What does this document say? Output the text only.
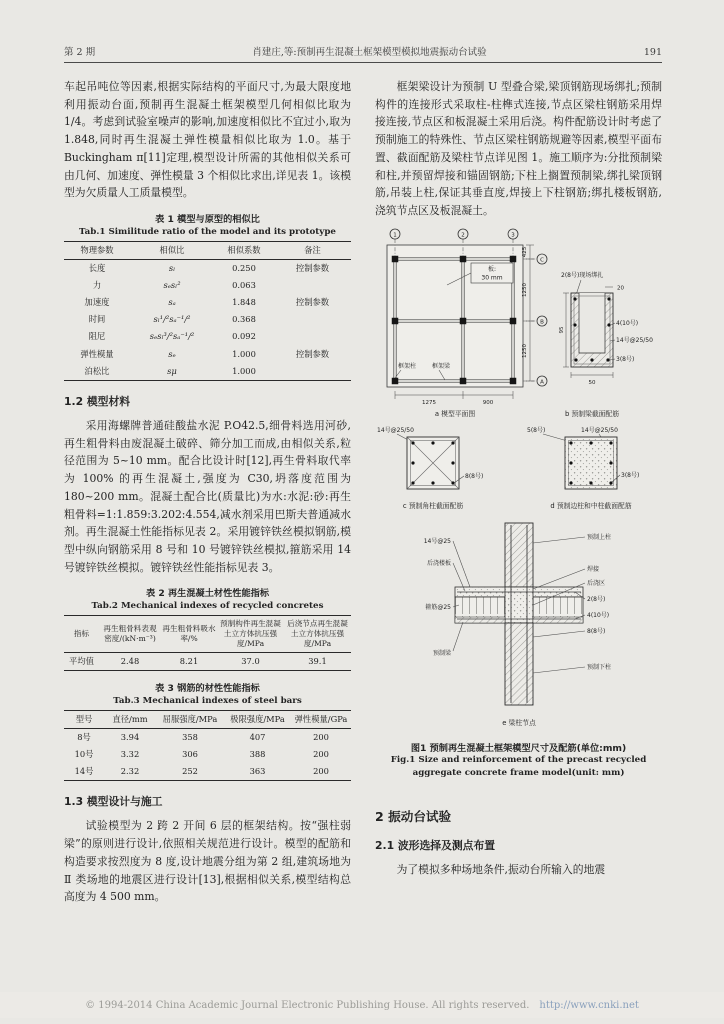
第 2 期	肖建庄,等:预制再生混凝土框架模型模拟地震振动台试验	191

车起吊吨位等因素,根据实际结构的平面尺寸,为最大限度地利用振动台面,预制再生混凝土框架模型几何相似比取为 1/4。考虑到试验室噪声的影响,加速度相似比不宜过小,取为 1.848,同时再生混凝土弹性模量相似比取为 1.0。基于 Buckingham π[11]定理,模型设计所需的其他相似关系可由几何、加速度、弹性模量 3 个相似比求出,详见表 1。该模型为欠质量人工质量模型。

表 1 模型与原型的相似比
Tab.1 Similitude ratio of the model and its prototype
物理参数	相似比	相似系数	备注
长度	sₗ	0.250	控制参数
力	sₑsₗ²	0.063	
加速度	sₐ	1.848	控制参数
时间	sₗ¹/²sₐ⁻¹/²	0.368	
阻尼	sₑsₗ³/²sₐ⁻¹/²	0.092	
弹性模量	sₑ	1.000	控制参数
泊松比	sμ	1.000	
1.2 模型材料

采用海螺牌普通硅酸盐水泥 P.O42.5,细骨料选用河砂,再生粗骨料由废混凝土破碎、筛分加工而成,由相似关系,粒径范围为 5~10 mm。配合比设计时[12],再生骨料取代率为 100% 的再生混凝土,强度为 C30,坍落度范围为 180~200 mm。混凝土配合比(质量比)为水:水泥:砂:再生粗骨料=1:1.859:3.202:4.554,减水剂采用巴斯夫普通减水剂。再生混凝土性能指标见表 2。采用镀锌铁丝模拟钢筋,模型中纵向钢筋采用 8 号和 10 号镀锌铁丝模拟,箍筋采用 14 号镀锌铁丝模拟。镀锌铁丝性能指标见表 3。

表 2 再生混凝土材性性能指标
Tab.2 Mechanical indexes of recycled concretes
指标	再生粗骨料表观密度/(kN·m⁻³)	再生粗骨料吸水率/%	预制构件再生混凝土立方体抗压强度/MPa	后浇节点再生混凝土立方体抗压强度/MPa
平均值	2.48	8.21	37.0	39.1
表 3 钢筋的材性性能指标
Tab.3 Mechanical indexes of steel bars
型号	直径/mm	屈服强度/MPa	极限强度/MPa	弹性模量/GPa
8号	3.94	358	407	200
10号	3.32	306	388	200
14号	2.32	252	363	200
1.3 模型设计与施工

试验模型为 2 跨 2 开间 6 层的框架结构。按“强柱弱梁”的原则进行设计,依照相关规范进行设计。模型的配筋和构造要求按烈度为 8 度,设计地震分组为第 2 组,建筑场地为 Ⅱ 类场地的地震区进行设计[13],根据相似关系,模型结构总高度为 4 500 mm。

框架梁设计为预制 U 型叠合梁,梁顶钢筋现场绑扎;预制构件的连接形式采取柱-柱榫式连接,节点区梁柱钢筋采用焊接连接,节点区和板混凝土采用后浇。构件配筋设计时考虑了预制施工的特殊性、节点区梁柱钢筋规避等因素,模型平面布置、截面配筋及梁柱节点详见图 1。施工顺序为:分批预制梁和柱,并预留焊接和锚固钢筋;下柱上搁置预制梁,绑扎梁顶钢筋,吊装上柱,保证其垂直度,焊接上下柱钢筋;绑扎楼板钢筋,浇筑节点区及板混凝土。

1	2	3
C
B
A
板:
30 mm
框架柱	框架梁
1275	900
425
1250
1250
a 模型平面图
2(8号)现场绑扎
20
4(10号)
14号@25/50
3(8号)
95
50
b 预制梁截面配筋
14号@25/50
8(8号)
c 预制角柱截面配筋
5(8号)	14号@25/50
3(8号)
d 预制边柱和中柱截面配筋
14号@25
后浇楼板
箍筋@25
预制梁
预制上柱
焊接
后浇区
2(8号)
4(10号)
8(8号)
预制下柱
e 梁柱节点
图1 预制再生混凝土框架模型尺寸及配筋(单位:mm)
Fig.1 Size and reinforcement of the precast recycled
aggregate concrete frame model(unit: mm)
2 振动台试验
2.1 波形选择及测点布置

为了模拟多种场地条件,振动台所输入的地震

© 1994-2014 China Academic Journal Electronic Publishing House. All rights reserved. http://www.cnki.net
